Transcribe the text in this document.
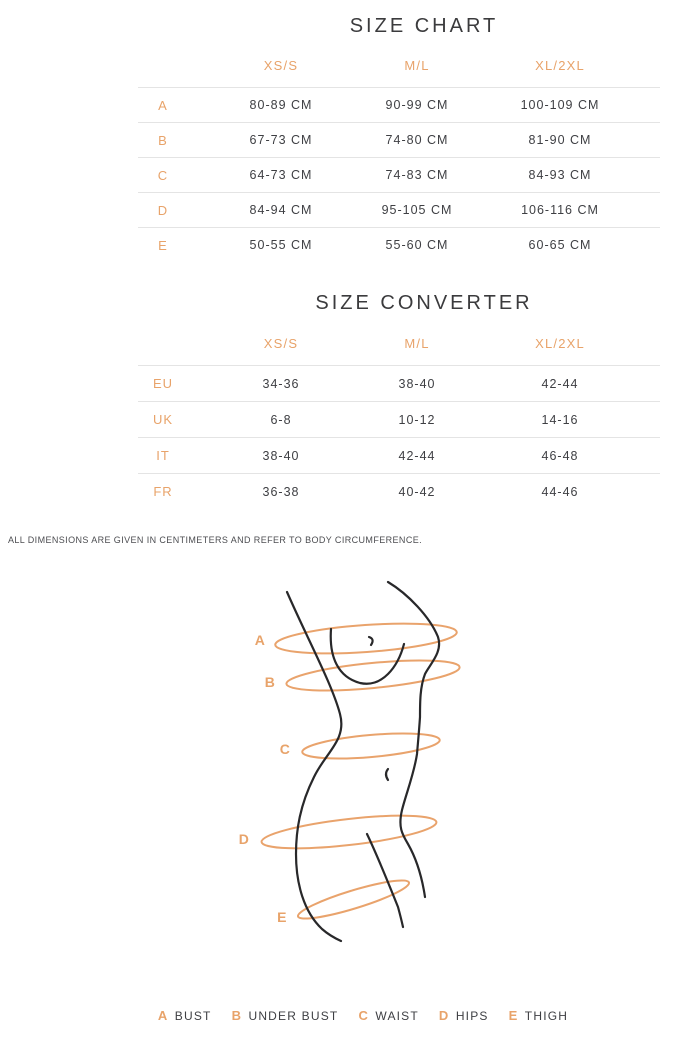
SIZE CHART
XS/S	M/L	XL/2XL
A	80-89 CM	90-99 CM	100-109 CM
B	67-73 CM	74-80 CM	81-90 CM
C	64-73 CM	74-83 CM	84-93 CM
D	84-94 CM	95-105 CM	106-116 CM
E	50-55 CM	55-60 CM	60-65 CM
SIZE CONVERTER
XS/S	M/L	XL/2XL
EU	34-36	38-40	42-44
UK	6-8	10-12	14-16
IT	38-40	42-44	46-48
FR	36-38	40-42	44-46
ALL DIMENSIONS ARE GIVEN IN CENTIMETERS AND REFER TO BODY CIRCUMFERENCE.
A
B
C
D
E
A BUST B UNDER BUST C WAIST D HIPS E THIGH
